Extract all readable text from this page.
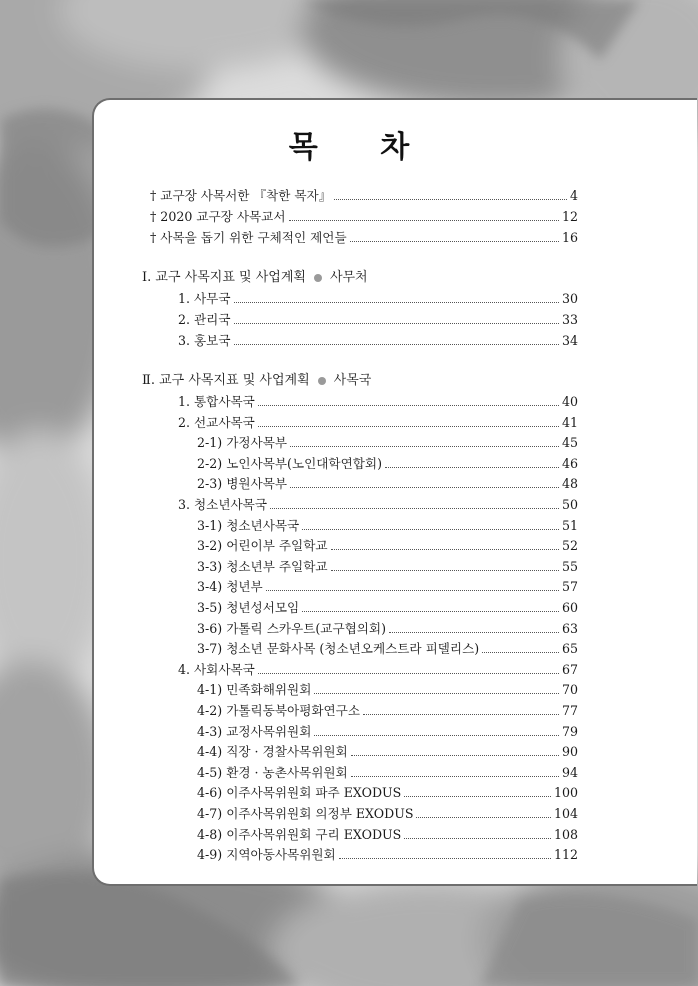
목 차
† 교구장 사목서한 『착한 목자』	4
† 2020 교구장 사목교서	12
† 사목을 돕기 위한 구체적인 제언들	16
Ⅰ. 교구 사목지표 및 사업계획 사무처
1. 사무국	30
2. 관리국	33
3. 홍보국	34
Ⅱ. 교구 사목지표 및 사업계획 사목국
1. 통합사목국	40
2. 선교사목국	41
2-1) 가정사목부	45
2-2) 노인사목부(노인대학연합회)	46
2-3) 병원사목부	48
3. 청소년사목국	50
3-1) 청소년사목국	51
3-2) 어린이부 주일학교	52
3-3) 청소년부 주일학교	55
3-4) 청년부	57
3-5) 청년성서모임	60
3-6) 가톨릭 스카우트(교구협의회)	63
3-7) 청소년 문화사목 (청소년오케스트라 피델리스)	65
4. 사회사목국	67
4-1) 민족화해위원회	70
4-2) 가톨릭동북아평화연구소	77
4-3) 교정사목위원회	79
4-4) 직장 · 경찰사목위원회	90
4-5) 환경 · 농촌사목위원회	94
4-6) 이주사목위원회 파주 EXODUS	100
4-7) 이주사목위원회 의정부 EXODUS	104
4-8) 이주사목위원회 구리 EXODUS	108
4-9) 지역아동사목위원회	112
